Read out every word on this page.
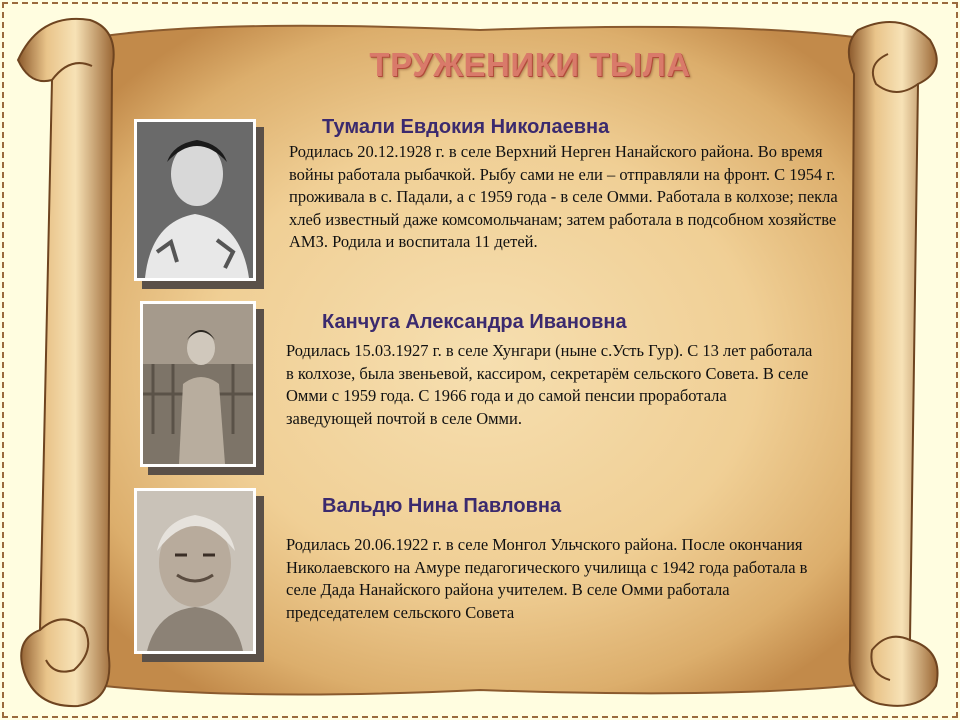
ТРУЖЕНИКИ ТЫЛА
Тумали Евдокия Николаевна

Родилась 20.12.1928 г. в селе Верхний Нерген Нанайского района. Во время войны работала рыбачкой. Рыбу сами не ели – отправляли на фронт. С 1954 г. проживала в с. Падали, а с 1959 года - в селе Омми. Работала в колхозе; пекла хлеб известный даже комсомольчанам; затем работала в подсобном хозяйстве АМЗ. Родила и воспитала 11 детей.

Канчуга Александра Ивановна

Родилась 15.03.1927 г. в селе Хунгари (ныне с.Усть Гур). С 13 лет работала в колхозе, была звеньевой, кассиром, секретарём сельского Совета. В селе Омми с 1959 года. С 1966 года и до самой пенсии проработала заведующей почтой в селе Омми.

Вальдю Нина Павловна

Родилась 20.06.1922 г. в селе Монгол Ульчского района. После окончания Николаевского на Амуре педагогического училища с 1942 года работала в селе Дада Нанайского района учителем. В селе Омми работала председателем сельского Совета
